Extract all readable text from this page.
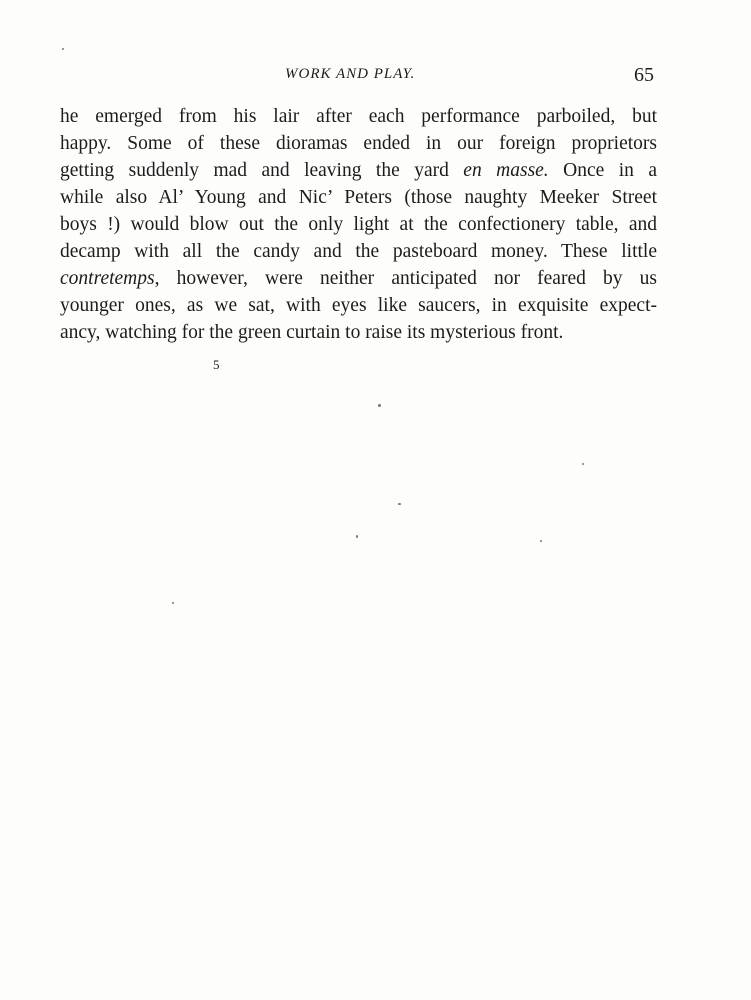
WORK AND PLAY.	65
he emerged from his lair after each performance parboiled, but
happy. Some of these dioramas ended in our foreign proprietors
getting suddenly mad and leaving the yard en masse. Once in a
while also Al’ Young and Nic’ Peters (those naughty Meeker Street
boys !) would blow out the only light at the confectionery table, and
decamp with all the candy and the pasteboard money. These little
contretemps, however, were neither anticipated nor feared by us
younger ones, as we sat, with eyes like saucers, in exquisite expect-
ancy, watching for the green curtain to raise its mysterious front.
5
